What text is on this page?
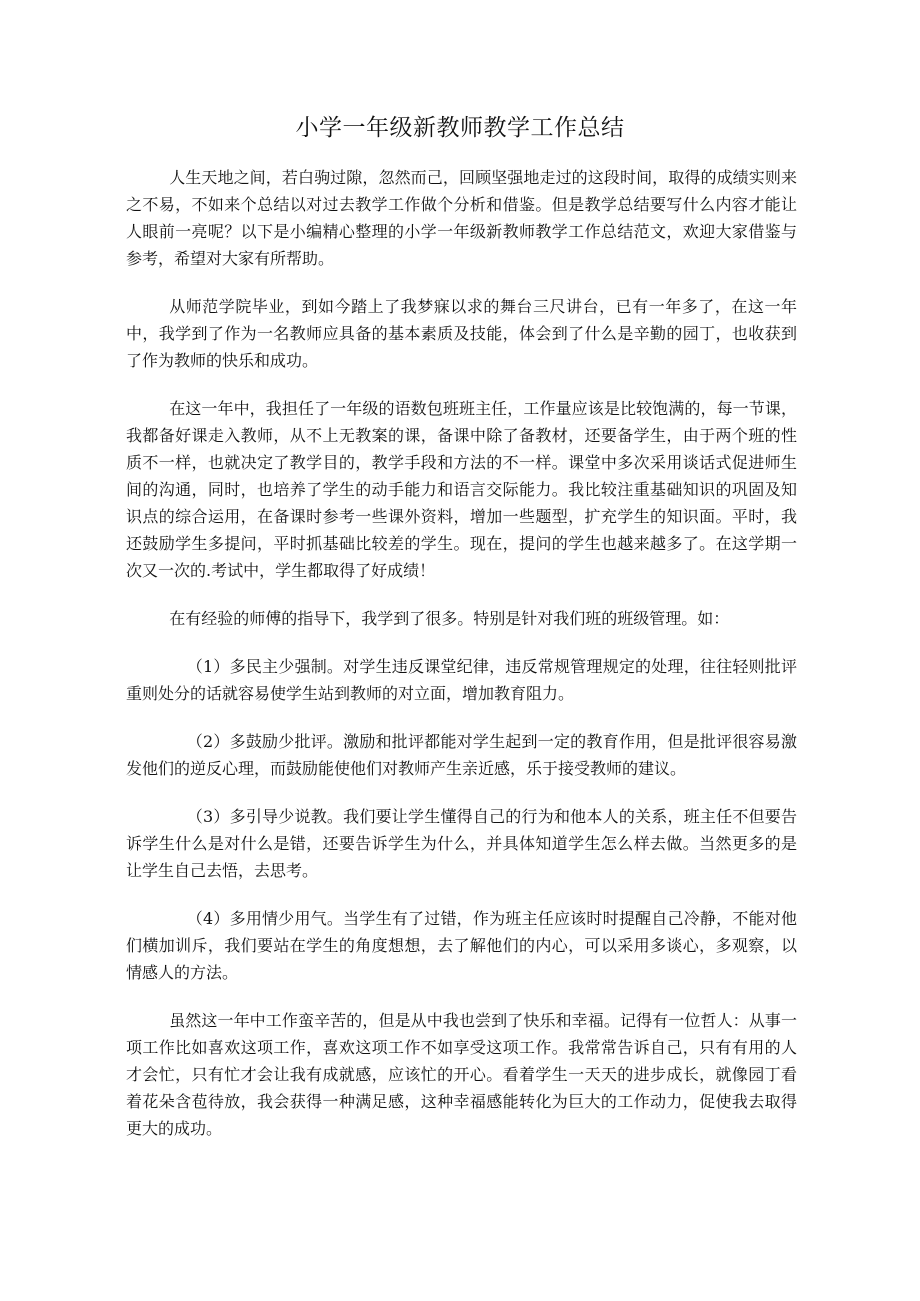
小学一年级新教师教学工作总结

人生天地之间，若白驹过隙，忽然而己，回顾坚强地走过的这段时间，取得的成绩实则来之不易，不如来个总结以对过去教学工作做个分析和借鉴。但是教学总结要写什么内容才能让人眼前一亮呢？以下是小编精心整理的小学一年级新教师教学工作总结范文，欢迎大家借鉴与参考，希望对大家有所帮助。

从师范学院毕业，到如今踏上了我梦寐以求的舞台三尺讲台，已有一年多了，在这一年中，我学到了作为一名教师应具备的基本素质及技能，体会到了什么是辛勤的园丁，也收获到了作为教师的快乐和成功。

在这一年中，我担任了一年级的语数包班班主任，工作量应该是比较饱满的，每一节课，我都备好课走入教师，从不上无教案的课，备课中除了备教材，还要备学生，由于两个班的性质不一样，也就决定了教学目的，教学手段和方法的不一样。课堂中多次采用谈话式促进师生间的沟通，同时，也培养了学生的动手能力和语言交际能力。我比较注重基础知识的巩固及知识点的综合运用，在备课时参考一些课外资料，增加一些题型，扩充学生的知识面。平时，我还鼓励学生多提问，平时抓基础比较差的学生。现在，提问的学生也越来越多了。在这学期一次又一次的.考试中，学生都取得了好成绩！

在有经验的师傅的指导下，我学到了很多。特别是针对我们班的班级管理。如：

（1）多民主少强制。对学生违反课堂纪律，违反常规管理规定的处理，往往轻则批评重则处分的话就容易使学生站到教师的对立面，增加教育阻力。

（2）多鼓励少批评。激励和批评都能对学生起到一定的教育作用，但是批评很容易激发他们的逆反心理，而鼓励能使他们对教师产生亲近感，乐于接受教师的建议。

（3）多引导少说教。我们要让学生懂得自己的行为和他本人的关系，班主任不但要告诉学生什么是对什么是错，还要告诉学生为什么，并具体知道学生怎么样去做。当然更多的是让学生自己去悟，去思考。

（4）多用情少用气。当学生有了过错，作为班主任应该时时提醒自己冷静，不能对他们横加训斥，我们要站在学生的角度想想，去了解他们的内心，可以采用多谈心，多观察，以情感人的方法。

虽然这一年中工作蛮辛苦的，但是从中我也尝到了快乐和幸福。记得有一位哲人：从事一项工作比如喜欢这项工作，喜欢这项工作不如享受这项工作。我常常告诉自己，只有有用的人才会忙，只有忙才会让我有成就感，应该忙的开心。看着学生一天天的进步成长，就像园丁看着花朵含苞待放，我会获得一种满足感，这种幸福感能转化为巨大的工作动力，促使我去取得更大的成功。
